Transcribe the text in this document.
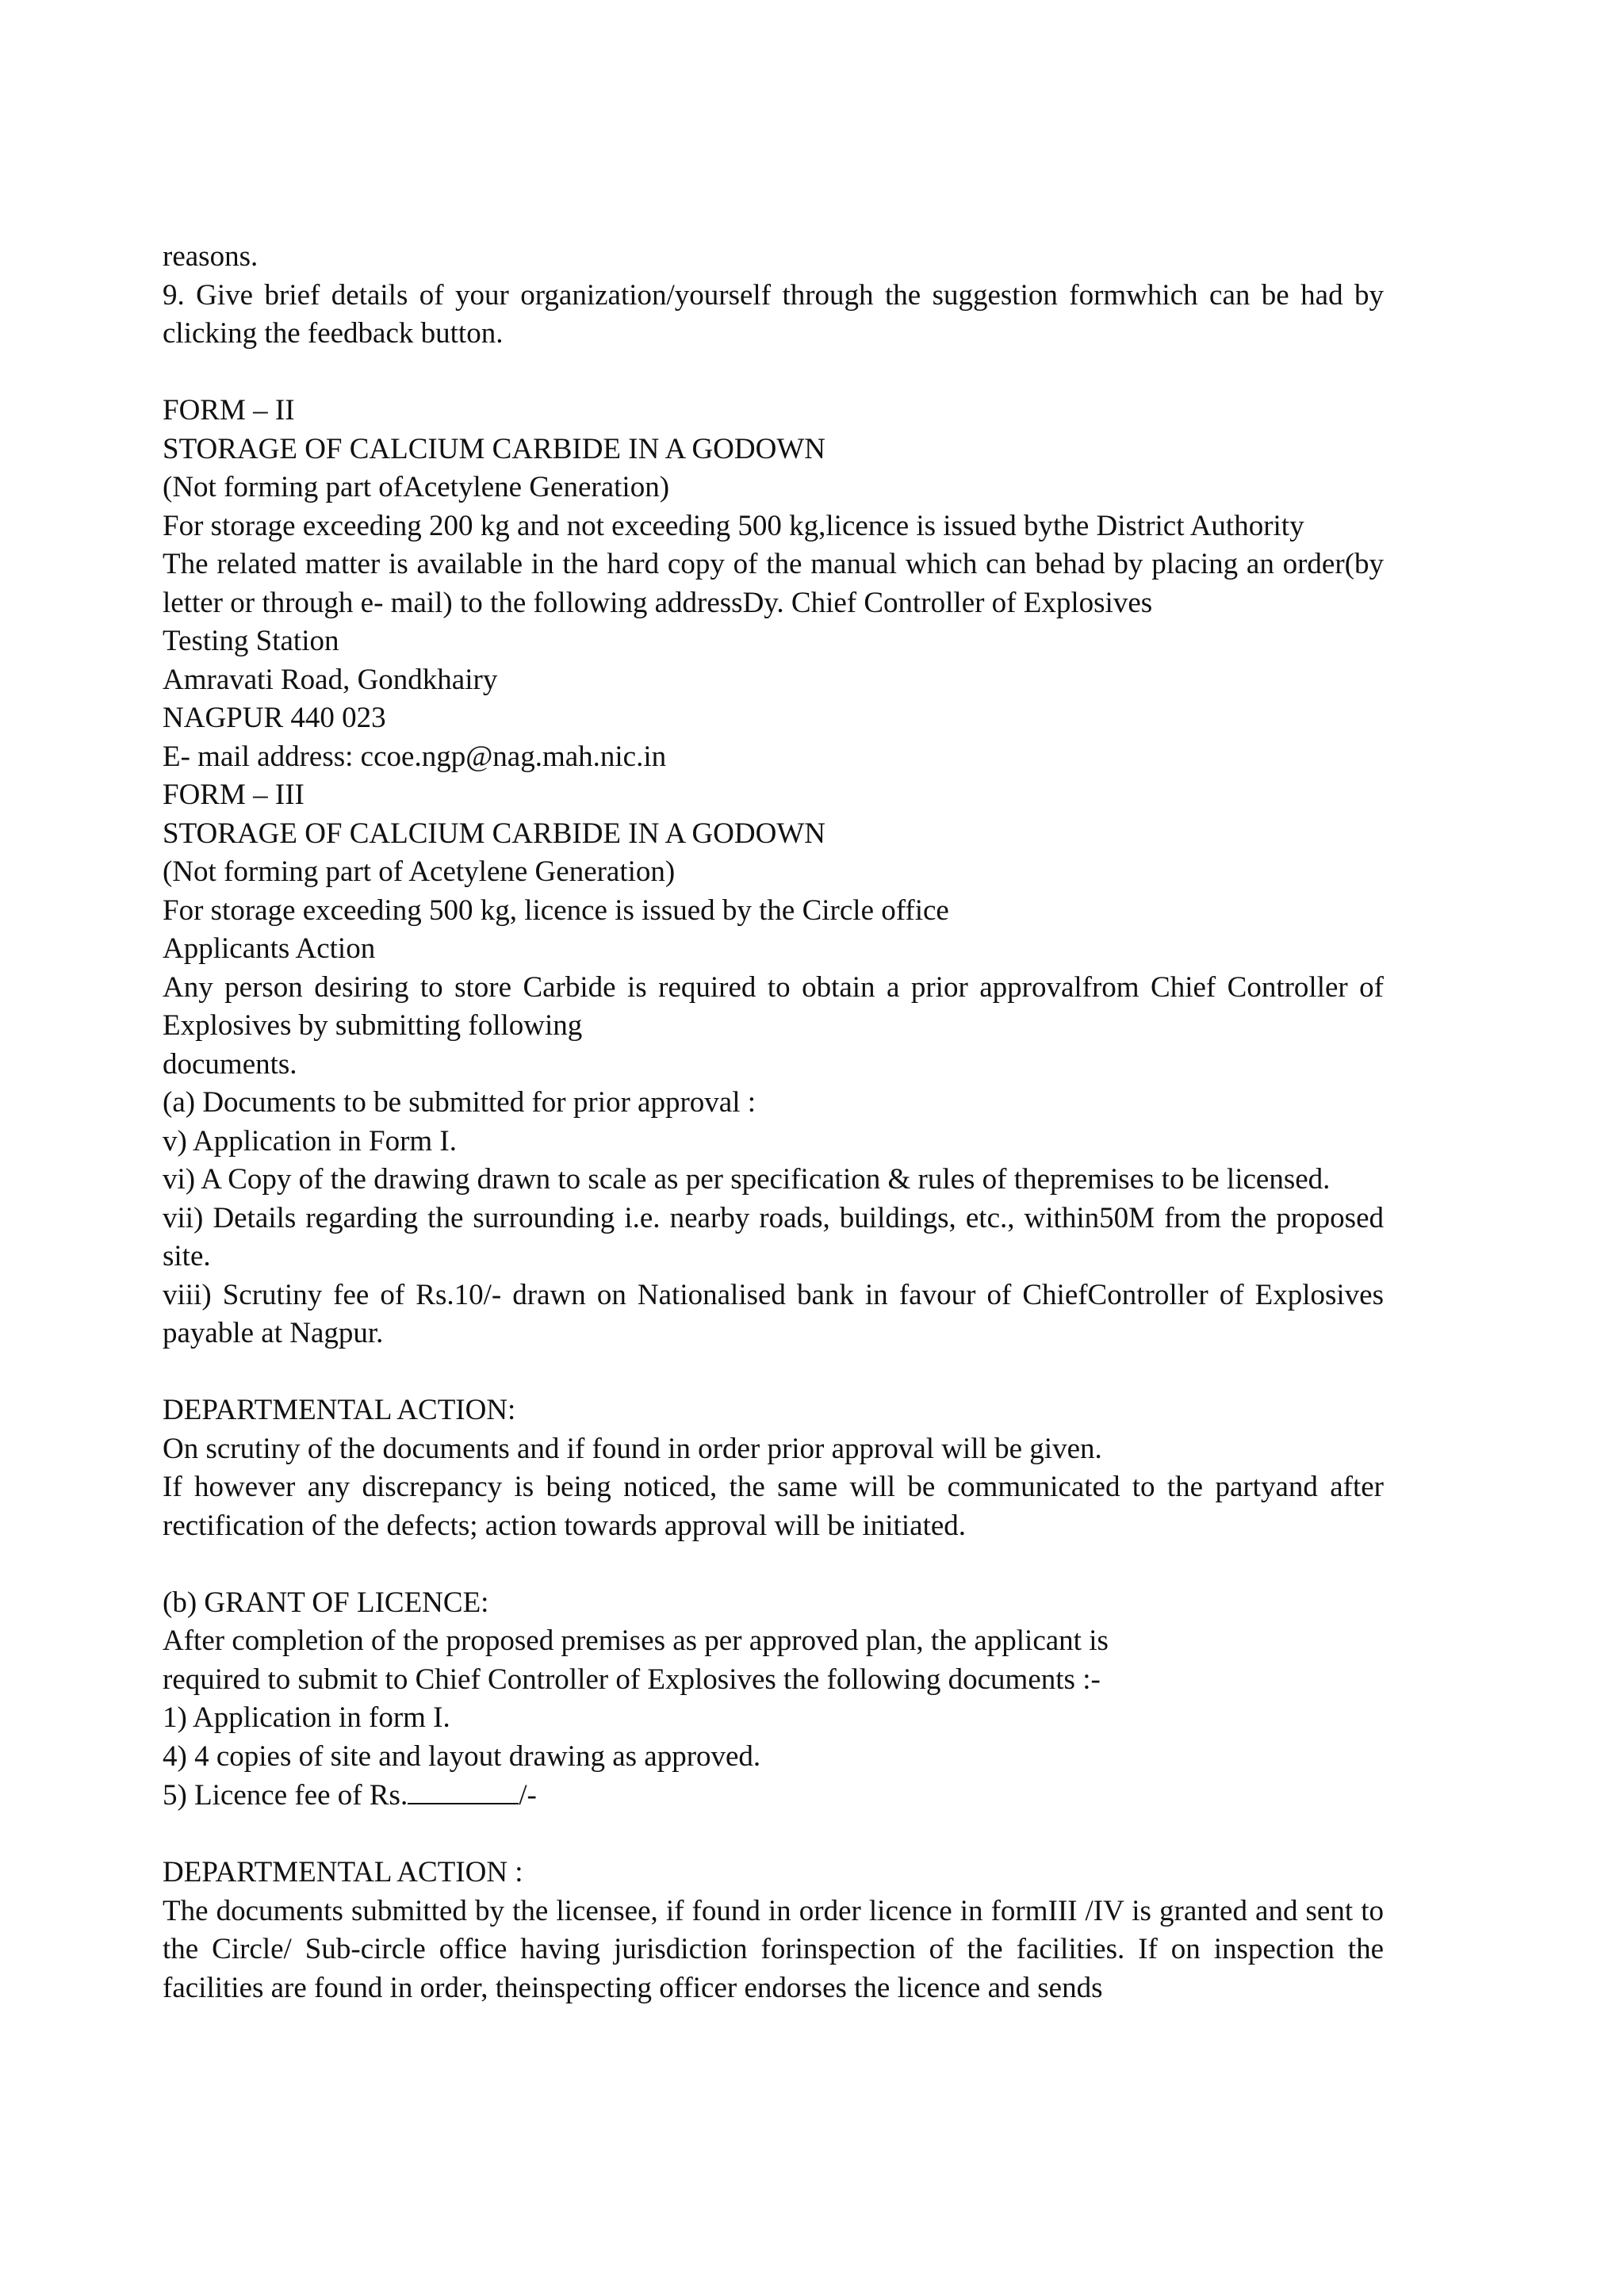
reasons.

9. Give brief details of your organization/yourself through the suggestion formwhich can be had by clicking the feedback button.

FORM – II

STORAGE OF CALCIUM CARBIDE IN A GODOWN

(Not forming part ofAcetylene Generation)

For storage exceeding 200 kg and not exceeding 500 kg,licence is issued bythe District Authority

The related matter is available in the hard copy of the manual which can behad by placing an order(by letter or through e- mail) to the following addressDy. Chief Controller of Explosives

Testing Station

Amravati Road, Gondkhairy

NAGPUR 440 023

E- mail address: ccoe.ngp@nag.mah.nic.in

FORM – III

STORAGE OF CALCIUM CARBIDE IN A GODOWN

(Not forming part of Acetylene Generation)

For storage exceeding 500 kg, licence is issued by the Circle office

Applicants Action

Any person desiring to store Carbide is required to obtain a prior approvalfrom Chief Controller of Explosives by submitting following

documents.

(a) Documents to be submitted for prior approval :

v) Application in Form I.

vi) A Copy of the drawing drawn to scale as per specification & rules of thepremises to be licensed.

vii) Details regarding the surrounding i.e. nearby roads, buildings, etc., within50M from the proposed site.

viii) Scrutiny fee of Rs.10/- drawn on Nationalised bank in favour of ChiefController of Explosives payable at Nagpur.

DEPARTMENTAL ACTION:

On scrutiny of the documents and if found in order prior approval will be given.

If however any discrepancy is being noticed, the same will be communicated to the partyand after rectification of the defects; action towards approval will be initiated.

(b) GRANT OF LICENCE:

After completion of the proposed premises as per approved plan, the applicant is

required to submit to Chief Controller of Explosives the following documents :-

1) Application in form I.

4) 4 copies of site and layout drawing as approved.

5) Licence fee of Rs.	/-

DEPARTMENTAL ACTION :

The documents submitted by the licensee, if found in order licence in formIII /IV is granted and sent to the Circle/ Sub-circle office having jurisdiction forinspection of the facilities. If on inspection the facilities are found in order, theinspecting officer endorses the licence and sends
